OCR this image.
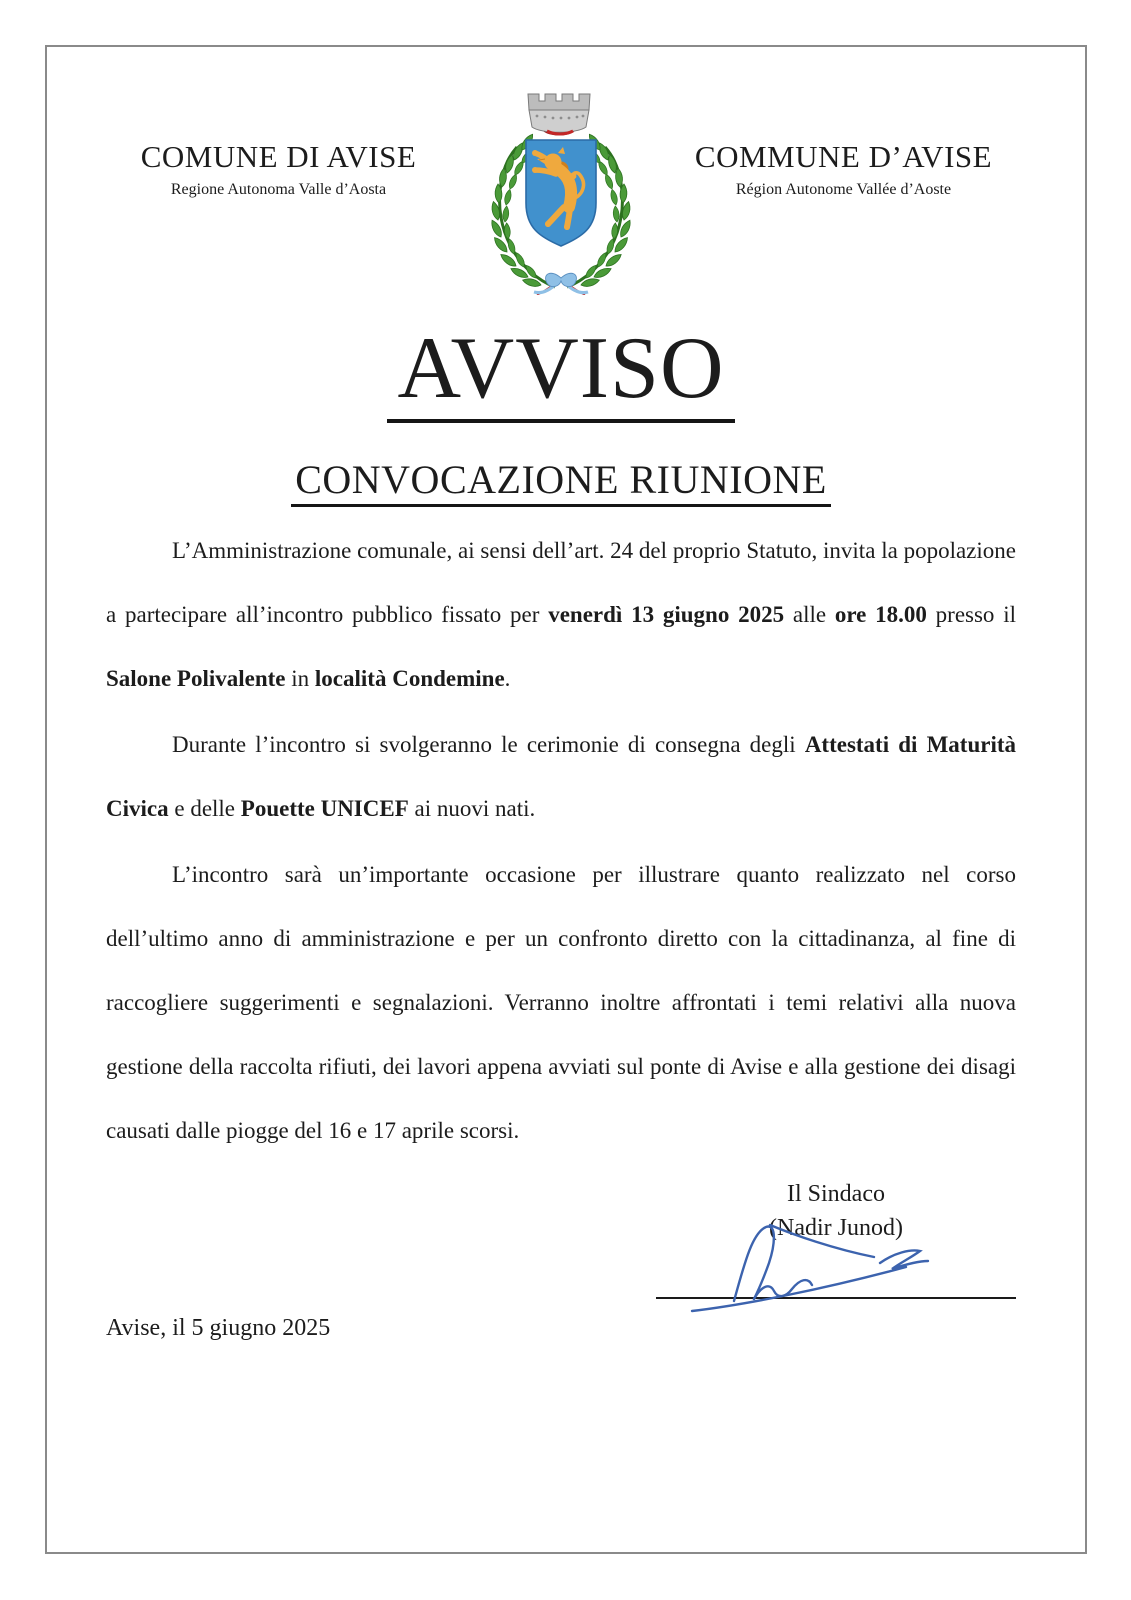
COMUNE DI AVISE
Regione Autonoma Valle d’Aosta
COMMUNE D’AVISE
Région Autonome Vallée d’Aoste
AVVISO
CONVOCAZIONE RIUNIONE

L’Amministrazione comunale, ai sensi dell’art. 24 del proprio Statuto, invita la popolazione a partecipare all’incontro pubblico fissato per venerdì 13 giugno 2025 alle ore 18.00 presso il Salone Polivalente in località Condemine.

Durante l’incontro si svolgeranno le cerimonie di consegna degli Attestati di Maturità Civica e delle Pouette UNICEF ai nuovi nati.

L’incontro sarà un’importante occasione per illustrare quanto realizzato nel corso dell’ultimo anno di amministrazione e per un confronto diretto con la cittadinanza, al fine di raccogliere suggerimenti e segnalazioni. Verranno inoltre affrontati i temi relativi alla nuova gestione della raccolta rifiuti, dei lavori appena avviati sul ponte di Avise e alla gestione dei disagi causati dalle piogge del 16 e 17 aprile scorsi.

Il Sindaco
(Nadir Junod)
Avise, il 5 giugno 2025
